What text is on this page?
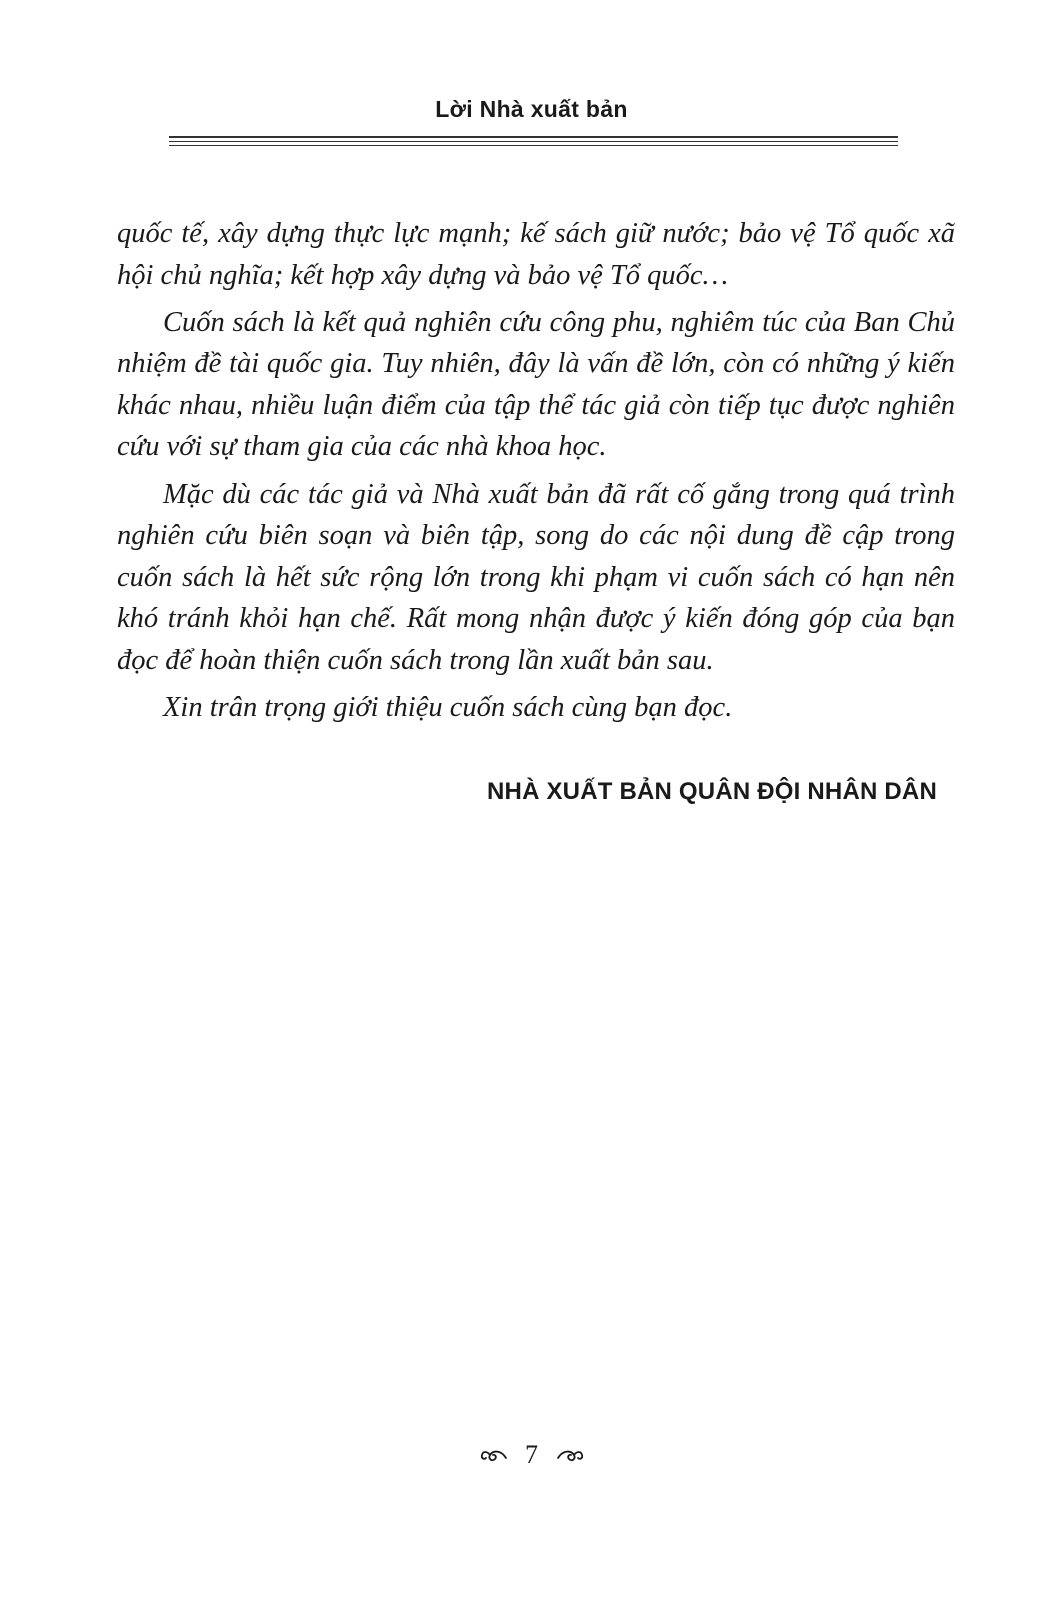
Lời Nhà xuất bản

quốc tế, xây dựng thực lực mạnh; kế sách giữ nước; bảo vệ Tổ quốc xã hội chủ nghĩa; kết hợp xây dựng và bảo vệ Tổ quốc…

Cuốn sách là kết quả nghiên cứu công phu, nghiêm túc của Ban Chủ nhiệm đề tài quốc gia. Tuy nhiên, đây là vấn đề lớn, còn có những ý kiến khác nhau, nhiều luận điểm của tập thể tác giả còn tiếp tục được nghiên cứu với sự tham gia của các nhà khoa học.

Mặc dù các tác giả và Nhà xuất bản đã rất cố gắng trong quá trình nghiên cứu biên soạn và biên tập, song do các nội dung đề cập trong cuốn sách là hết sức rộng lớn trong khi phạm vi cuốn sách có hạn nên khó tránh khỏi hạn chế. Rất mong nhận được ý kiến đóng góp của bạn đọc để hoàn thiện cuốn sách trong lần xuất bản sau.

Xin trân trọng giới thiệu cuốn sách cùng bạn đọc.

NHÀ XUẤT BẢN QUÂN ĐỘI NHÂN DÂN
7
